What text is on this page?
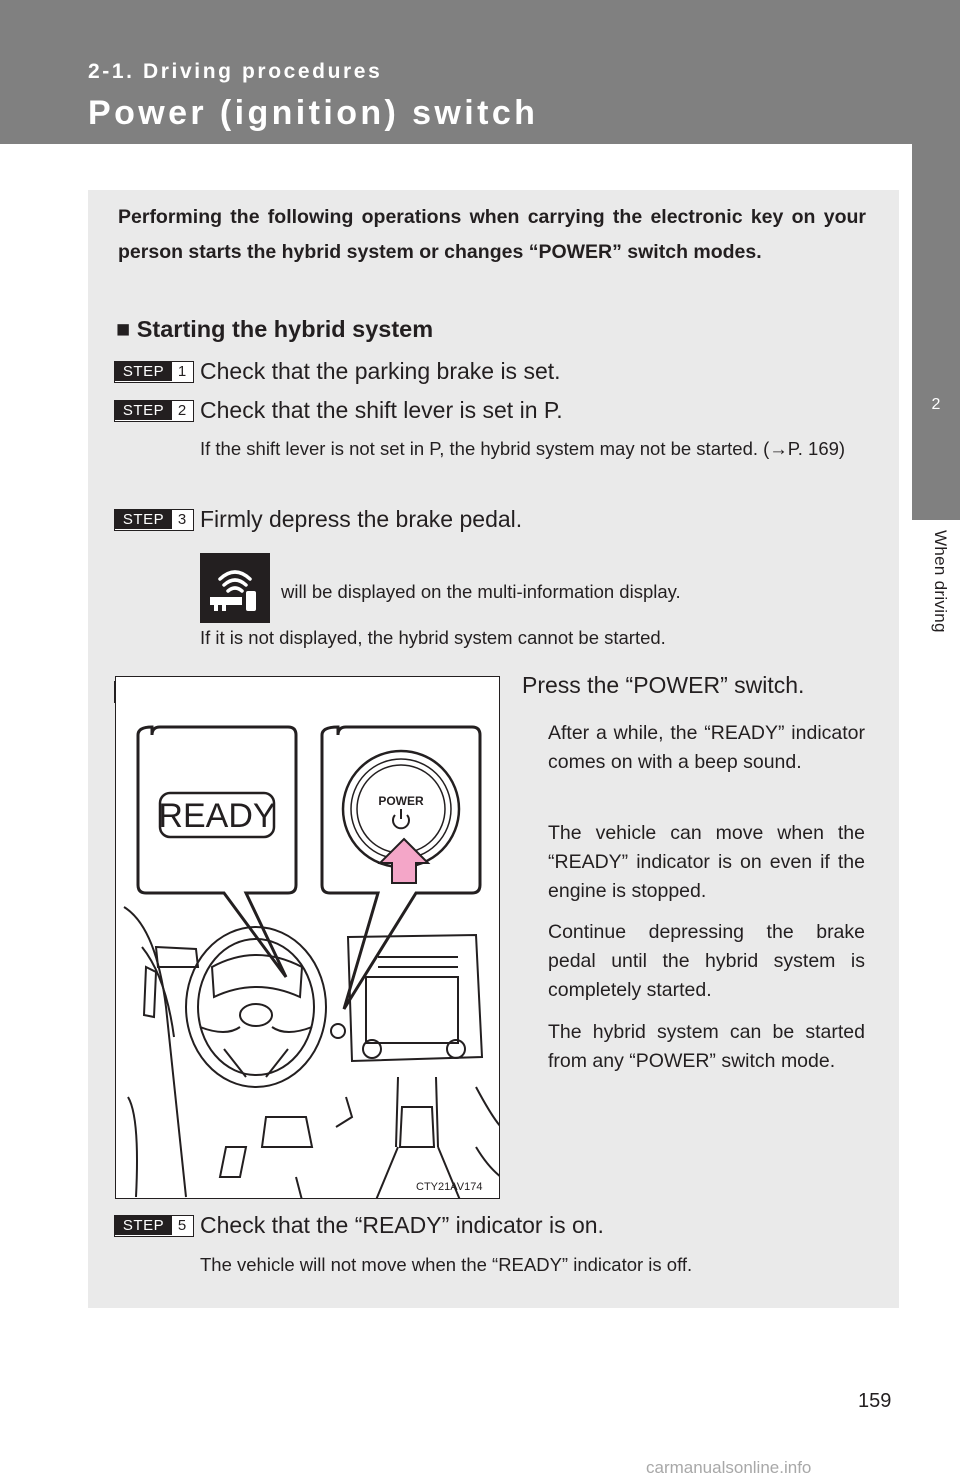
2-1. Driving procedures
Power (ignition) switch
2
When driving
Performing the following operations when carrying the electronic key on your person starts the hybrid system or changes “POWER” switch modes.
■ Starting the hybrid system
STEP 1 Check that the parking brake is set.
STEP 2 Check that the shift lever is set in P.
If the shift lever is not set in P, the hybrid system may not be started. (→P. 169)
STEP 3 Firmly depress the brake pedal.
will be displayed on the multi-information display.
If it is not displayed, the hybrid system cannot be started.
READY	POWER
CTY21AV174
Press the “POWER” switch.
After a while, the “READY” indicator comes on with a beep sound.
The vehicle can move when the “READY” indicator is on even if the engine is stopped.
Continue depressing the brake pedal until the hybrid system is completely started.
The hybrid system can be started from any “POWER” switch mode.
STEP 5 Check that the “READY” indicator is on.
The vehicle will not move when the “READY” indicator is off.
159
carmanualsonline.info
